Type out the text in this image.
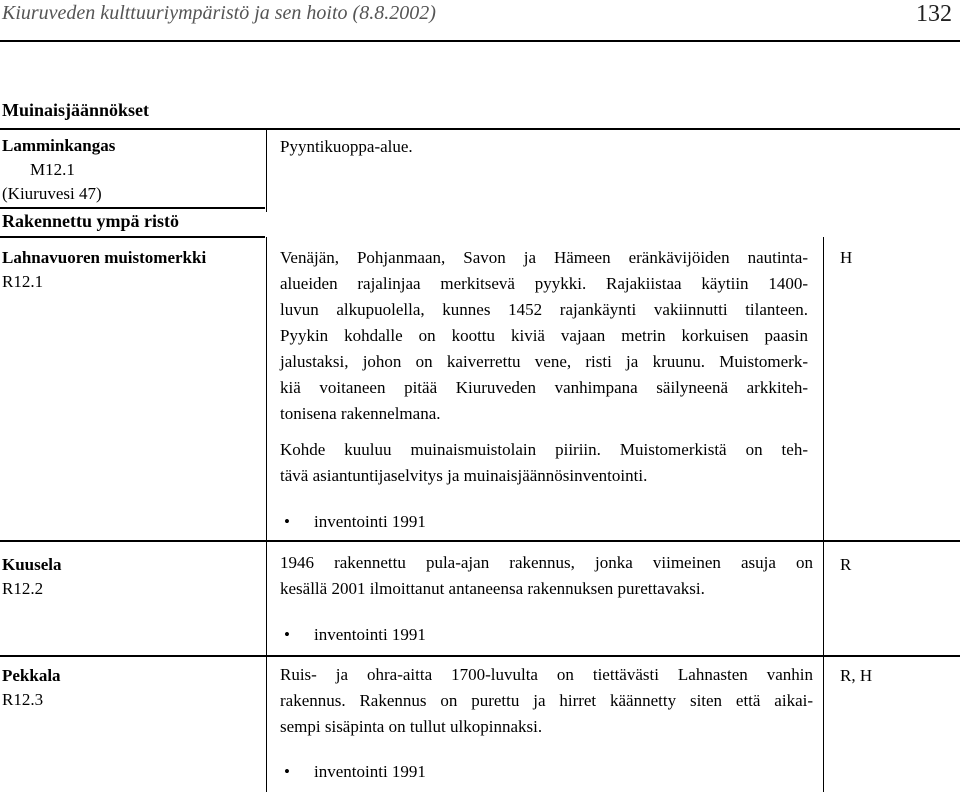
Kiuruveden kulttuuriympäristö ja sen hoito (8.8.2002)	132
Muinaisjäännökset
Lamminkangas
M12.1
(Kiuruvesi 47)
Pyyntikuoppa-alue.
Rakennettu ympä ristö
Lahnavuoren muistomerkki
R12.1
Venäjän, Pohjanmaan, Savon ja Hämeen eränkävijöiden nautinta-
alueiden rajalinjaa merkitsevä pyykki. Rajakiistaa käytiin 1400-
luvun alkupuolella, kunnes 1452 rajankäynti vakiinnutti tilanteen.
Pyykin kohdalle on koottu kiviä vajaan metrin korkuisen paasin
jalustaksi, johon on kaiverrettu vene, risti ja kruunu. Muistomerk-
kiä voitaneen pitää Kiuruveden vanhimpana säilyneenä arkkiteh-
tonisena rakennelmana.
Kohde kuuluu muinaismuistolain piiriin. Muistomerkistä on teh-
tävä asiantuntijaselvitys ja muinaisjäännösinventointi.
• inventointi 1991
H
Kuusela
R12.2
1946 rakennettu pula-ajan rakennus, jonka viimeinen asuja on
kesällä 2001 ilmoittanut antaneensa rakennuksen purettavaksi.
• inventointi 1991
R
Pekkala
R12.3
Ruis- ja ohra-aitta 1700-luvulta on tiettävästi Lahnasten vanhin
rakennus. Rakennus on purettu ja hirret käännetty siten että aikai-
sempi sisäpinta on tullut ulkopinnaksi.
• inventointi 1991
R, H
